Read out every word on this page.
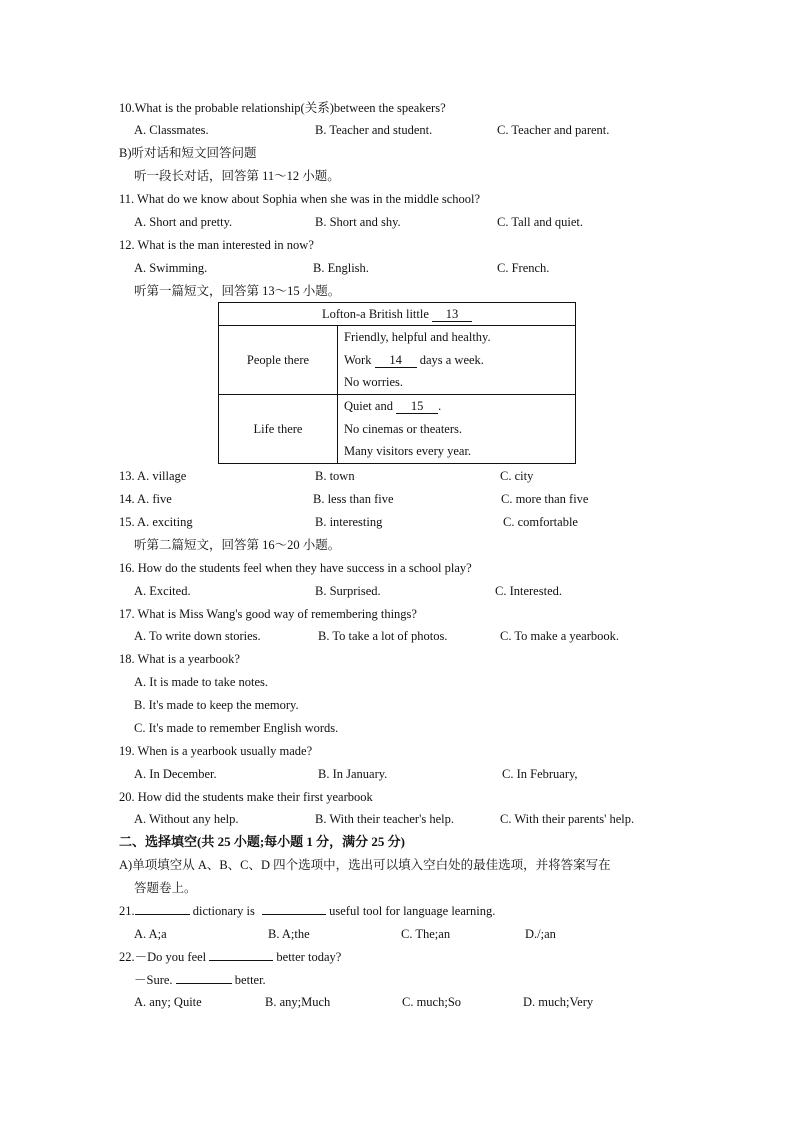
10.What is the probable relationship(关系)between the speakers?
A. Classmates.	B. Teacher and student.	C. Teacher and parent.
B)听对话和短文回答问题
听一段长对话，回答第 11～12 小题。
11. What do we know about Sophia when she was in the middle school?
A. Short and pretty.	B. Short and shy.	C. Tall and quiet.
12. What is the man interested in now?
A. Swimming.	B. English.	C. French.
听第一篇短文，回答第 13～15 小题。
Lofton-a British little 13	
People there	Friendly, helpful and healthy.
Work 14 days a week.
No worries.

Life there	Quiet and 15 .
No cinemas or theaters.
Many visitors every year.
13. A. village	B. town	C. city
14. A. five	B. less than five	C. more than five
15. A. exciting	B. interesting	C. comfortable
听第二篇短文，回答第 16～20 小题。
16. How do the students feel when they have success in a school play?
A. Excited.	B. Surprised.	C. Interested.
17. What is Miss Wang's good way of remembering things?
A. To write down stories.	B. To take a lot of photos.	C. To make a yearbook.
18. What is a yearbook?
A. It is made to take notes.
B. It's made to keep the memory.
C. It's made to remember English words.
19. When is a yearbook usually made?
A. In December.	B. In January.	C. In February,
20. How did the students make their first yearbook
A. Without any help.	B. With their teacher's help.	C. With their parents' help.
二、选择填空(共 25 小题;每小题 1 分，满分 25 分)
A)单项填空从 A、B、C、D 四个选项中，选出可以填入空白处的最佳选项，并将答案写在
答题卷上。
21.	dictionary is	useful tool for language learning.
A. A;a	B. A;the	C. The;an	D./;an
22.－Do you feel	better today?
－Sure.	better.
A. any; Quite	B. any;Much	C. much;So	D. much;Very
